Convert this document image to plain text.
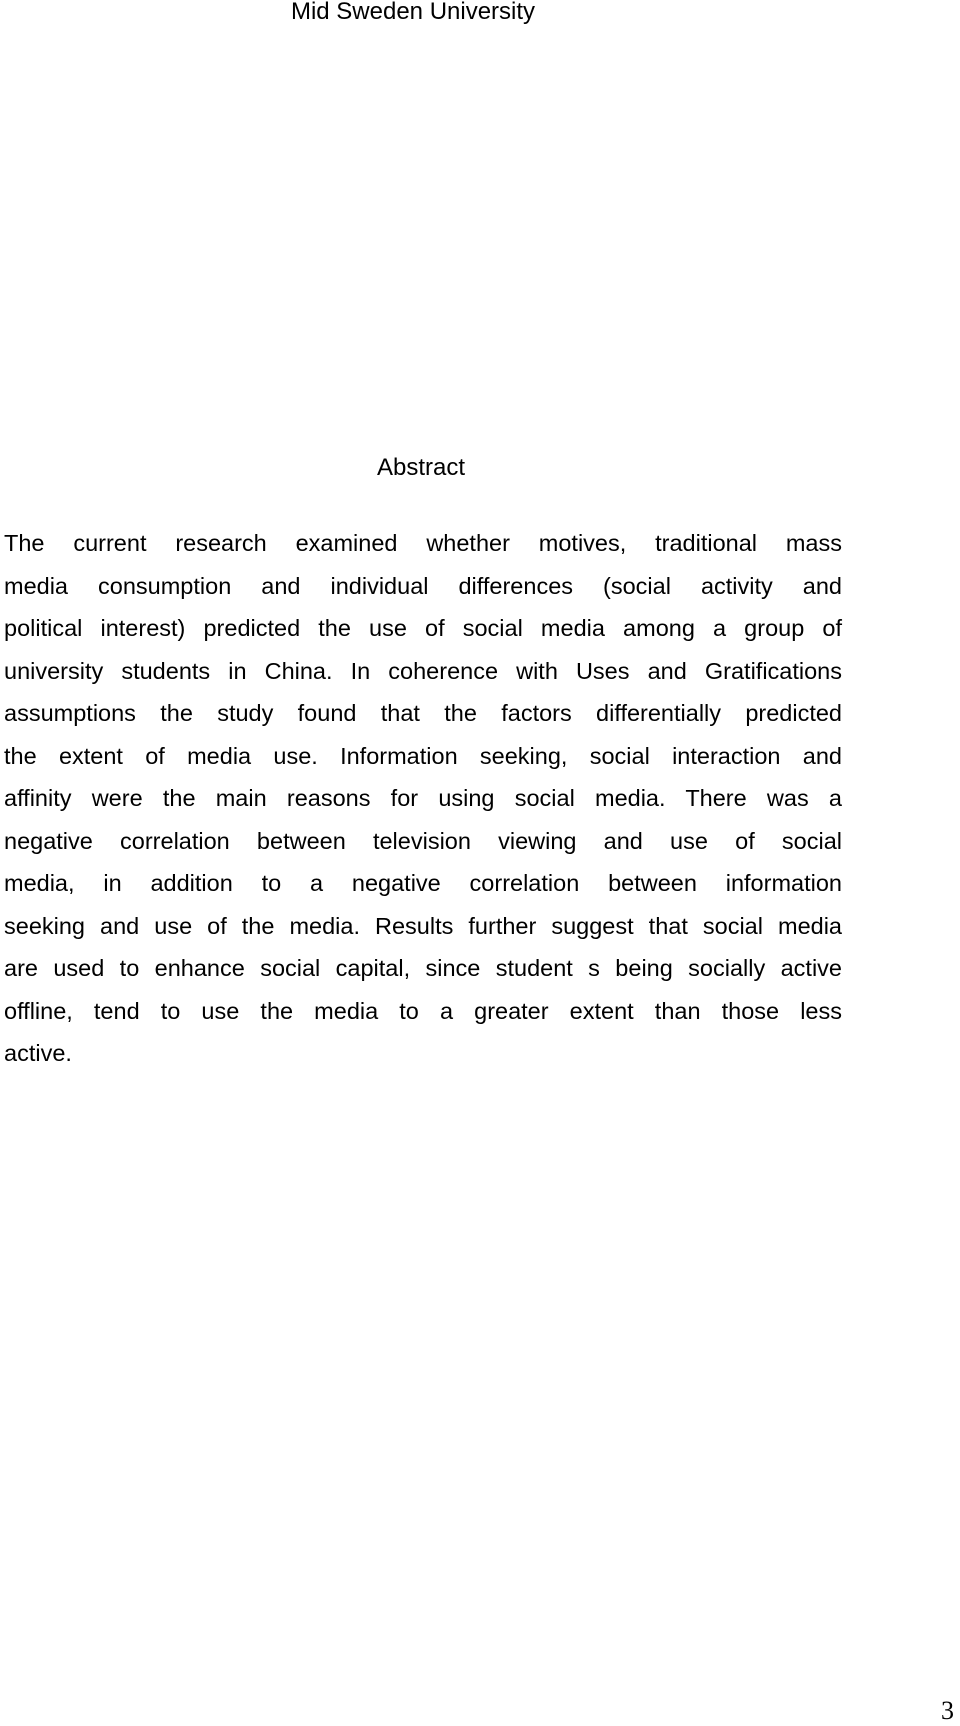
Mid Sweden University
Abstract
The current research examined whether motives, traditional mass
media consumption and individual differences (social activity and
political interest) predicted the use of social media among a group of
university students in China. In coherence with Uses and Gratifications
assumptions the study found that the factors differentially predicted
the extent of media use. Information seeking, social interaction and
affinity were the main reasons for using social media. There was a
negative correlation between television viewing and use of social
media, in addition to a negative correlation between information
seeking and use of the media. Results further suggest that social media
are used to enhance social capital, since student s being socially active
offline, tend to use the media to a greater extent than those less
active.
3
